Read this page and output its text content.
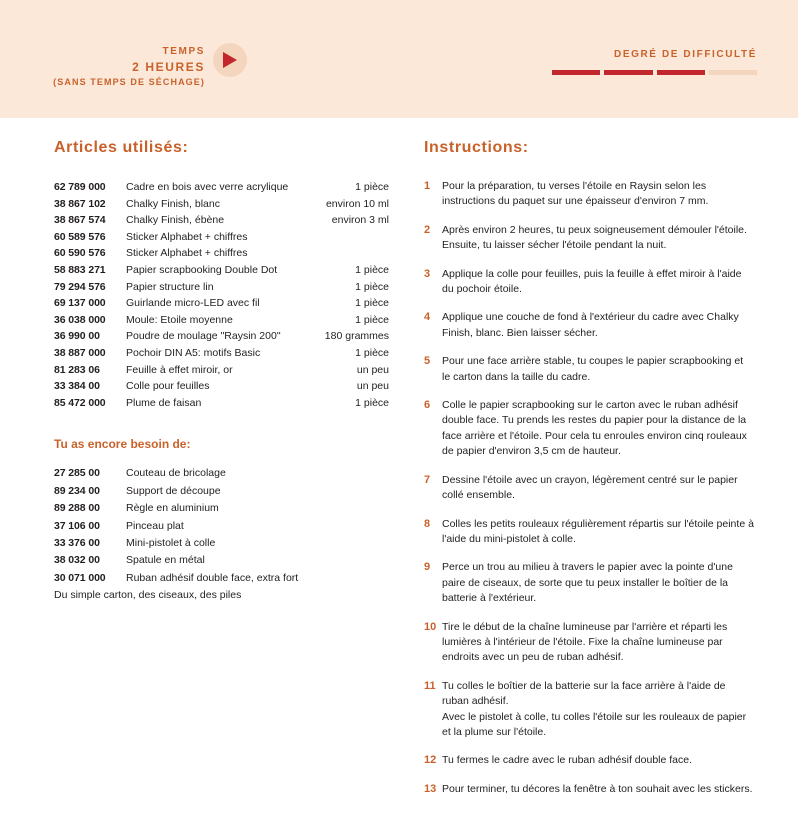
TEMPS
2 HEURES
(SANS TEMPS DE SÉCHAGE)
DEGRÉ DE DIFFICULTÉ
Articles utilisés:
62 789 000	Cadre en bois avec verre acrylique	1 pièce
38 867 102	Chalky Finish, blanc	environ 10 ml
38 867 574	Chalky Finish, ébène	environ 3 ml
60 589 576	Sticker Alphabet + chiffres
60 590 576	Sticker Alphabet + chiffres
58 883 271	Papier scrapbooking Double Dot	1 pièce
79 294 576	Papier structure lin	1 pièce
69 137 000	Guirlande micro-LED avec fil	1 pièce
36 038 000	Moule: Etoile moyenne	1 pièce
36 990 00	Poudre de moulage "Raysin 200"	180 grammes
38 887 000	Pochoir DIN A5: motifs Basic	1 pièce
81 283 06	Feuille à effet miroir, or	un peu
33 384 00	Colle pour feuilles	un peu
85 472 000	Plume de faisan	1 pièce
Tu as encore besoin de:
27 285 00	Couteau de bricolage
89 234 00	Support de découpe
89 288 00	Règle en aluminium
37 106 00	Pinceau plat
33 376 00	Mini-pistolet à colle
38 032 00	Spatule en métal
30 071 000	Ruban adhésif double face, extra fort
Du simple carton, des ciseaux, des piles
Instructions:
1	Pour la préparation, tu verses l'étoile en Raysin selon les instructions du paquet sur une épaisseur d'environ 7 mm.
2	Après environ 2 heures, tu peux soigneusement démouler l'étoile. Ensuite, tu laisser sécher l'étoile pendant la nuit.
3	Applique la colle pour feuilles, puis la feuille à effet miroir à l'aide du pochoir étoile.
4	Applique une couche de fond à l'extérieur du cadre avec Chalky Finish, blanc. Bien laisser sécher.
5	Pour une face arrière stable, tu coupes le papier scrapbooking et le carton dans la taille du cadre.
6	Colle le papier scrapbooking sur le carton avec le ruban adhésif double face. Tu prends les restes du papier pour la distance de la face arrière et l'étoile. Pour cela tu enroules environ cinq rouleaux de papier d'environ 3,5 cm de hauteur.
7	Dessine l'étoile avec un crayon, légèrement centré sur le papier collé ensemble.
8	Colles les petits rouleaux régulièrement répartis sur l'étoile peinte à l'aide du mini-pistolet à colle.
9	Perce un trou au milieu à travers le papier avec la pointe d'une paire de ciseaux, de sorte que tu peux installer le boîtier de la batterie à l'extérieur.
10 Tire le début de la chaîne lumineuse par l'arrière et réparti les lumières à l'intérieur de l'étoile. Fixe la chaîne lumineuse par endroits avec un peu de ruban adhésif.
11 Tu colles le boîtier de la batterie sur la face arrière à l'aide de ruban adhésif.
Avec le pistolet à colle, tu colles l'étoile sur les rouleaux de papier et la plume sur l'étoile.
12 Tu fermes le cadre avec le ruban adhésif double face.
13 Pour terminer, tu décores la fenêtre à ton souhait avec les stickers.
